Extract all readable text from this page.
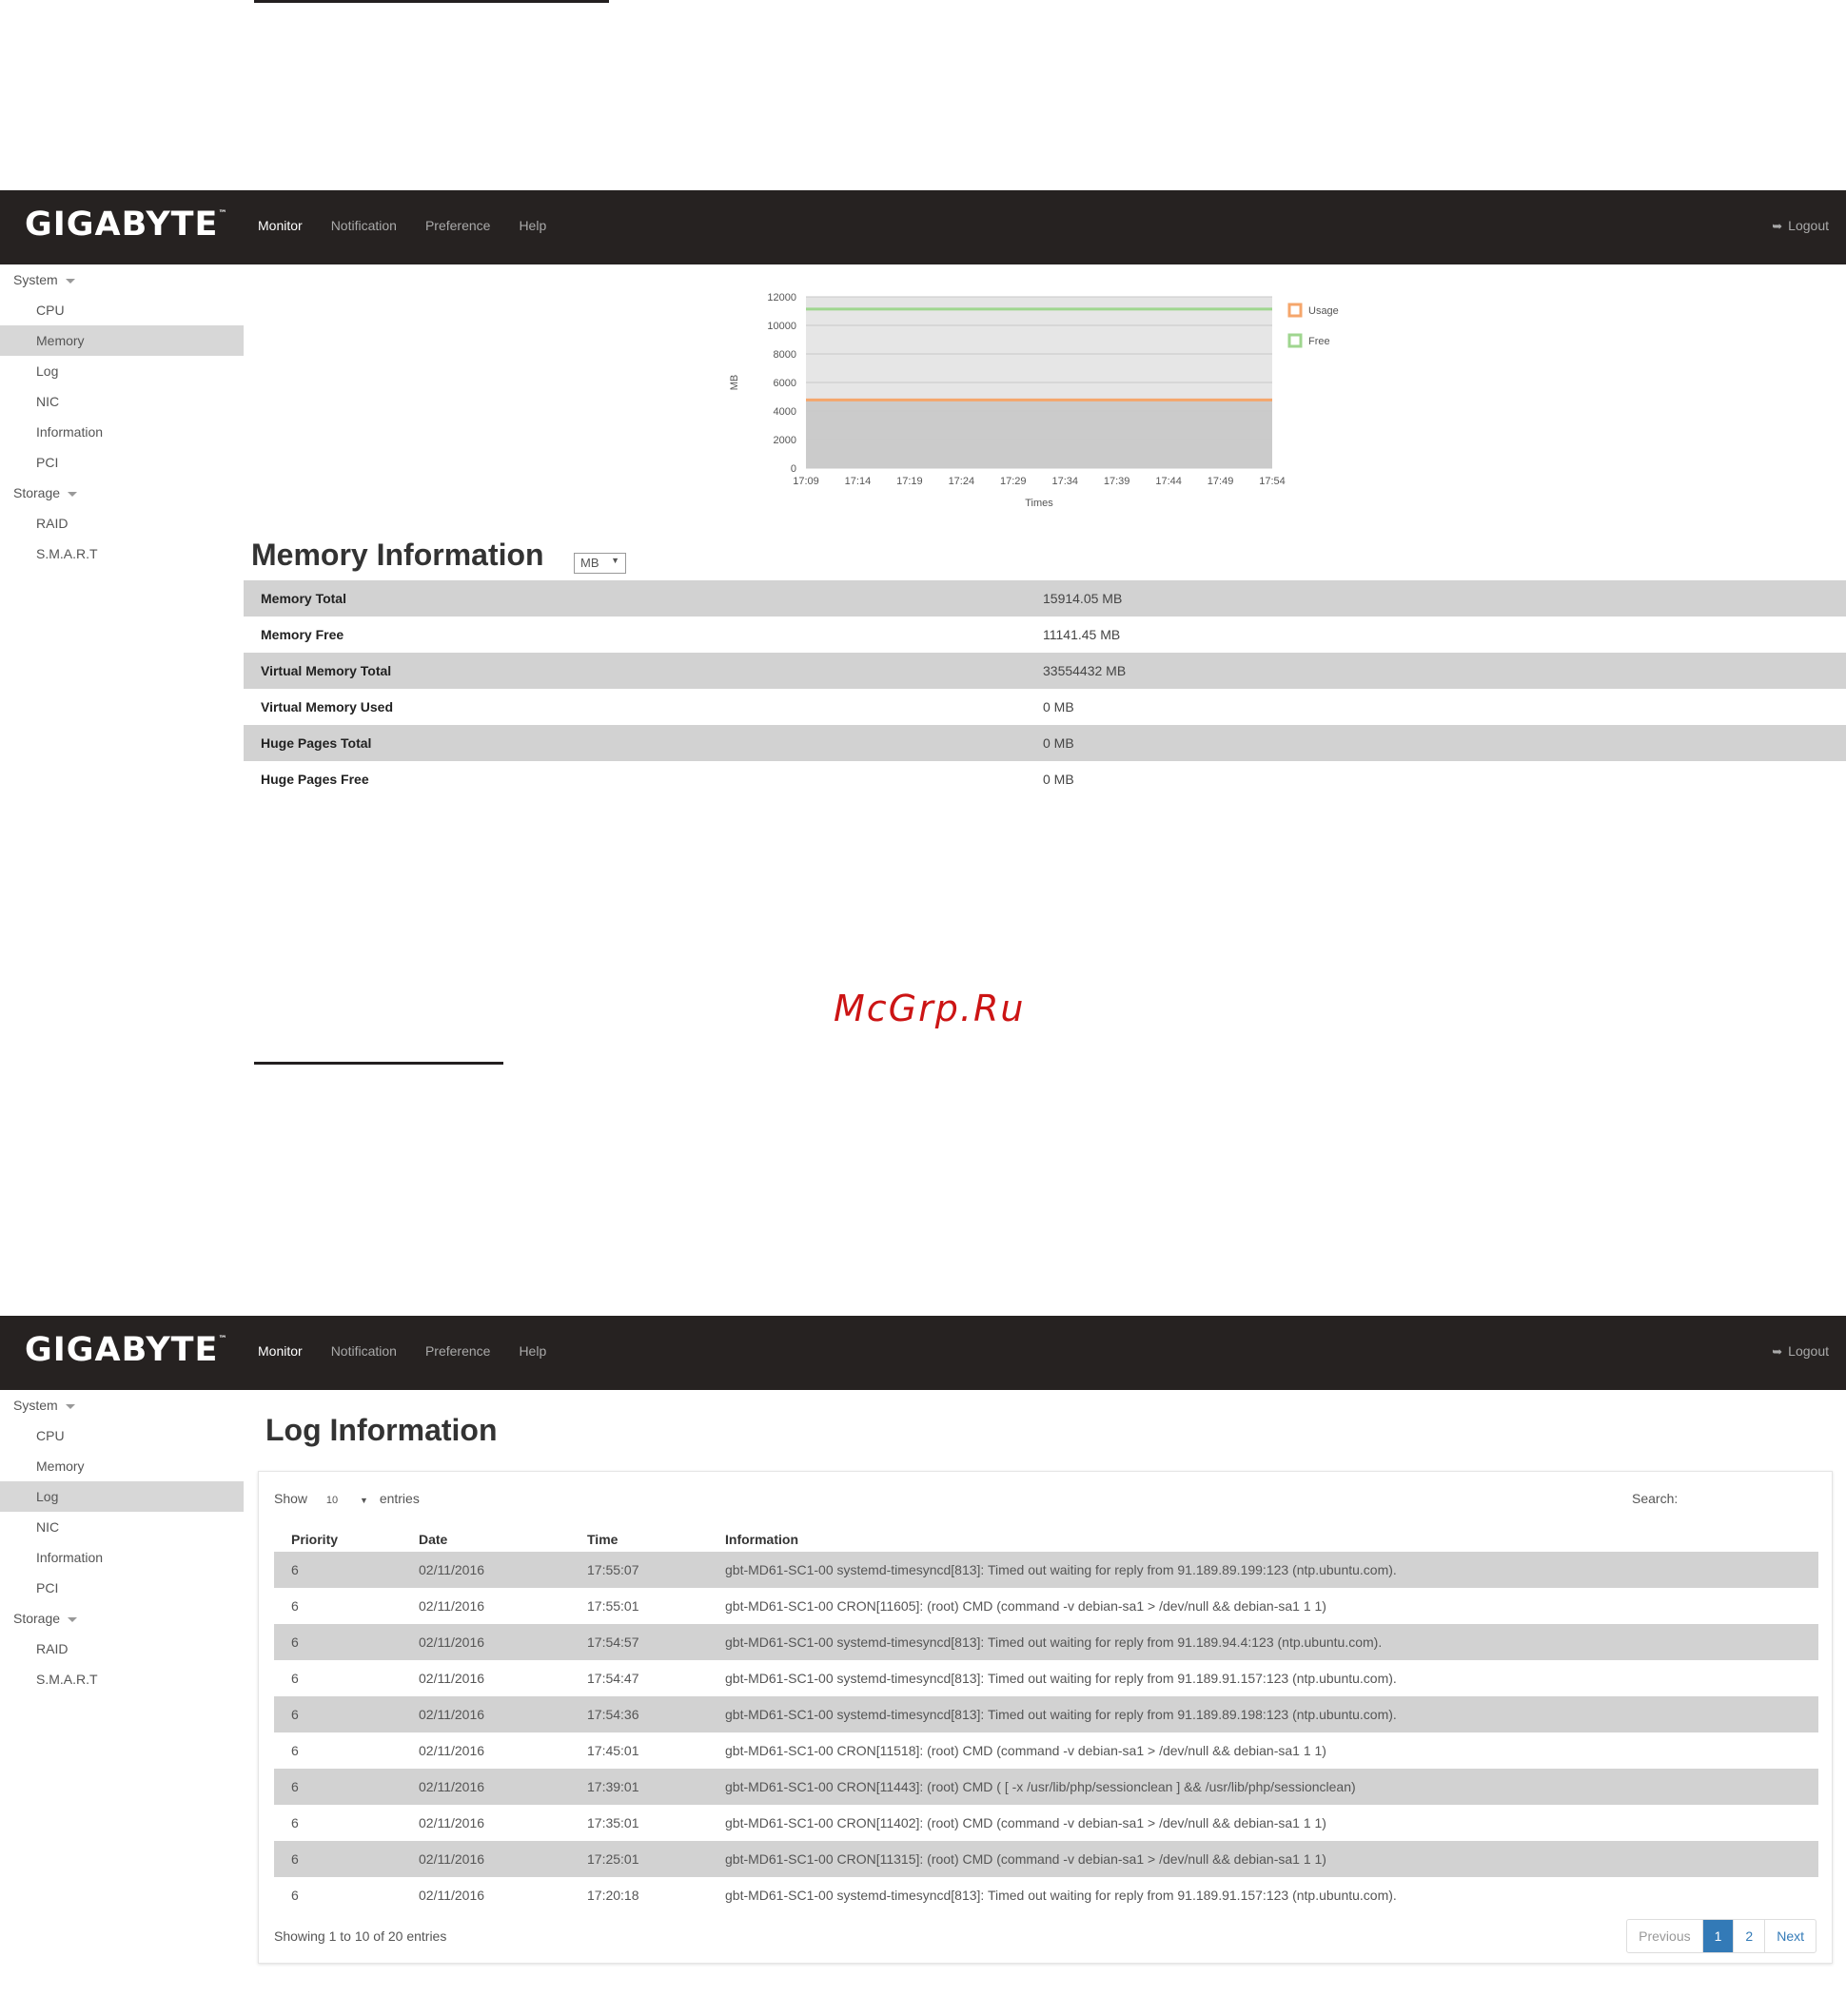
GIGABYTE™
Monitor Notification Preference Help	➥ Logout
System
CPU
Memory
Log
NIC
Information
PCI
Storage
RAID
S.M.A.R.T
0
2000
4000
6000
8000
10000
12000
17:09 17:14 17:19 17:24 17:29 17:34 17:39 17:44 17:49 17:54
Times
MB
Usage
Free
Memory Information	MB ▼
Memory Total	15914.05 MB
Memory Free	11141.45 MB
Virtual Memory Total	33554432 MB
Virtual Memory Used	0 MB
Huge Pages Total	0 MB
Huge Pages Free	0 MB
McGrp.Ru
GIGABYTE™
Monitor Notification Preference Help	➥ Logout
System
CPU
Memory
Log
NIC
Information
PCI
Storage
RAID
S.M.A.R.T
Log Information
Show 10	▼ entries	Search:
Priority	Date	Time	Information
6	02/11/2016	17:55:07	gbt-MD61-SC1-00 systemd-timesyncd[813]: Timed out waiting for reply from 91.189.89.199:123 (ntp.ubuntu.com).
6	02/11/2016	17:55:01	gbt-MD61-SC1-00 CRON[11605]: (root) CMD (command -v debian-sa1 > /dev/null && debian-sa1 1 1)
6	02/11/2016	17:54:57	gbt-MD61-SC1-00 systemd-timesyncd[813]: Timed out waiting for reply from 91.189.94.4:123 (ntp.ubuntu.com).
6	02/11/2016	17:54:47	gbt-MD61-SC1-00 systemd-timesyncd[813]: Timed out waiting for reply from 91.189.91.157:123 (ntp.ubuntu.com).
6	02/11/2016	17:54:36	gbt-MD61-SC1-00 systemd-timesyncd[813]: Timed out waiting for reply from 91.189.89.198:123 (ntp.ubuntu.com).
6	02/11/2016	17:45:01	gbt-MD61-SC1-00 CRON[11518]: (root) CMD (command -v debian-sa1 > /dev/null && debian-sa1 1 1)
6	02/11/2016	17:39:01	gbt-MD61-SC1-00 CRON[11443]: (root) CMD ( [ -x /usr/lib/php/sessionclean ] && /usr/lib/php/sessionclean)
6	02/11/2016	17:35:01	gbt-MD61-SC1-00 CRON[11402]: (root) CMD (command -v debian-sa1 > /dev/null && debian-sa1 1 1)
6	02/11/2016	17:25:01	gbt-MD61-SC1-00 CRON[11315]: (root) CMD (command -v debian-sa1 > /dev/null && debian-sa1 1 1)
6	02/11/2016	17:20:18	gbt-MD61-SC1-00 systemd-timesyncd[813]: Timed out waiting for reply from 91.189.91.157:123 (ntp.ubuntu.com).
Showing 1 to 10 of 20 entries	Previous	1	2	Next
